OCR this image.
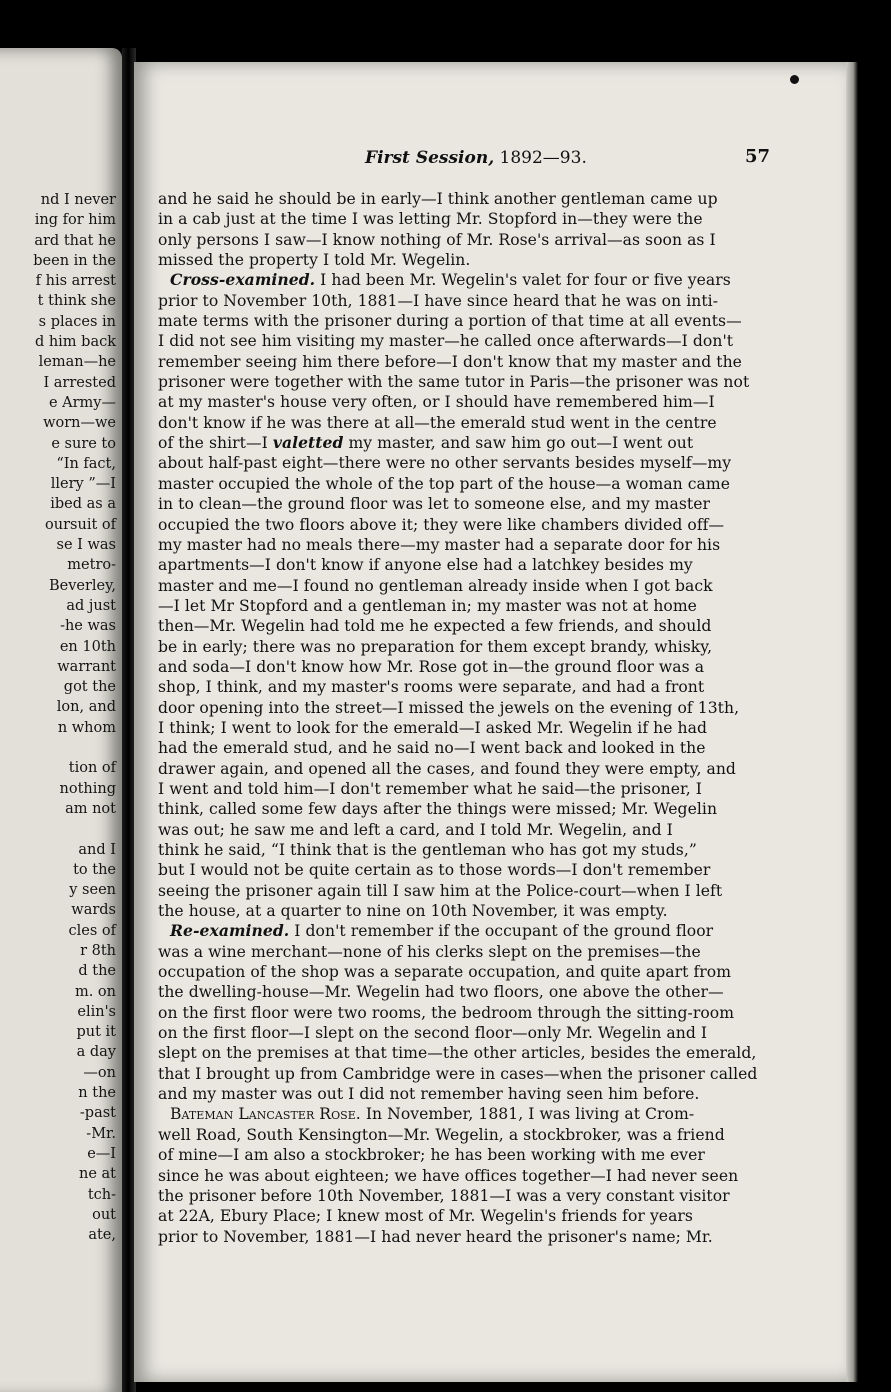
nd I never
ing for him
ard that he
been in the
f his arrest
t think she
s places in
d him back
leman—he
I arrested
e Army—
worn—we
e sure to
“In fact,
llery ”—I
ibed as a
oursuit of
se I was
metro-
Beverley,
ad just
-he was
en 10th
warrant
got the
lon, and
n whom
tion of
nothing
am not
and I
to the
y seen
wards
cles of
r 8th
d the
m. on
elin's
put it
a day
—on
n the
-past
-Mr.
e—I
ne at
tch-
out
ate,
First Session, 1892—93.	57
and he said he should be in early—I think another gentleman came up
in a cab just at the time I was letting Mr. Stopford in—they were the
only persons I saw—I know nothing of Mr. Rose's arrival—as soon as I
missed the property I told Mr. Wegelin.
Cross-examined. I had been Mr. Wegelin's valet for four or five years
prior to November 10th, 1881—I have since heard that he was on inti-
mate terms with the prisoner during a portion of that time at all events—
I did not see him visiting my master—he called once afterwards—I don't
remember seeing him there before—I don't know that my master and the
prisoner were together with the same tutor in Paris—the prisoner was not
at my master's house very often, or I should have remembered him—I
don't know if he was there at all—the emerald stud went in the centre
of the shirt—I valetted my master, and saw him go out—I went out
about half-past eight—there were no other servants besides myself—my
master occupied the whole of the top part of the house—a woman came
in to clean—the ground floor was let to someone else, and my master
occupied the two floors above it; they were like chambers divided off—
my master had no meals there—my master had a separate door for his
apartments—I don't know if anyone else had a latchkey besides my
master and me—I found no gentleman already inside when I got back
—I let Mr Stopford and a gentleman in; my master was not at home
then—Mr. Wegelin had told me he expected a few friends, and should
be in early; there was no preparation for them except brandy, whisky,
and soda—I don't know how Mr. Rose got in—the ground floor was a
shop, I think, and my master's rooms were separate, and had a front
door opening into the street—I missed the jewels on the evening of 13th,
I think; I went to look for the emerald—I asked Mr. Wegelin if he had
had the emerald stud, and he said no—I went back and looked in the
drawer again, and opened all the cases, and found they were empty, and
I went and told him—I don't remember what he said—the prisoner, I
think, called some few days after the things were missed; Mr. Wegelin
was out; he saw me and left a card, and I told Mr. Wegelin, and I
think he said, “I think that is the gentleman who has got my studs,”
but I would not be quite certain as to those words—I don't remember
seeing the prisoner again till I saw him at the Police-court—when I left
the house, at a quarter to nine on 10th November, it was empty.
Re-examined. I don't remember if the occupant of the ground floor
was a wine merchant—none of his clerks slept on the premises—the
occupation of the shop was a separate occupation, and quite apart from
the dwelling-house—Mr. Wegelin had two floors, one above the other—
on the first floor were two rooms, the bedroom through the sitting-room
on the first floor—I slept on the second floor—only Mr. Wegelin and I
slept on the premises at that time—the other articles, besides the emerald,
that I brought up from Cambridge were in cases—when the prisoner called
and my master was out I did not remember having seen him before.
Bateman Lancaster Rose. In November, 1881, I was living at Crom-
well Road, South Kensington—Mr. Wegelin, a stockbroker, was a friend
of mine—I am also a stockbroker; he has been working with me ever
since he was about eighteen; we have offices together—I had never seen
the prisoner before 10th November, 1881—I was a very constant visitor
at 22A, Ebury Place; I knew most of Mr. Wegelin's friends for years
prior to November, 1881—I had never heard the prisoner's name; Mr.
